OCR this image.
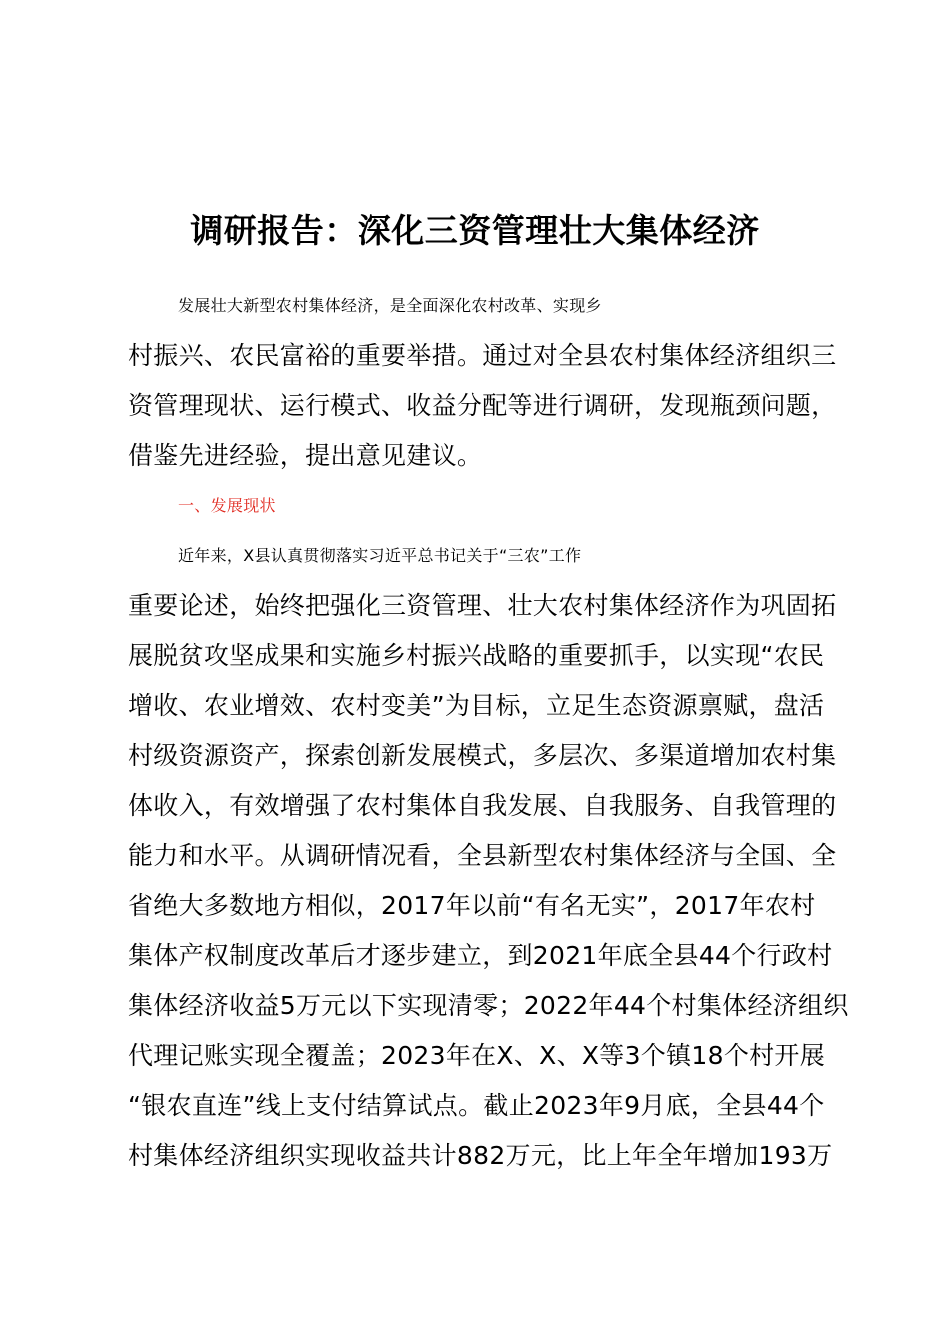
调研报告：深化三资管理壮大集体经济

发展壮大新型农村集体经济，是全面深化农村改革、实现乡

村振兴、农民富裕的重要举措。通过对全县农村集体经济组织三

资管理现状、运行模式、收益分配等进行调研，发现瓶颈问题，

借鉴先进经验，提出意见建议。

一、发展现状

近年来，X县认真贯彻落实习近平总书记关于“三农”工作

重要论述，始终把强化三资管理、壮大农村集体经济作为巩固拓

展脱贫攻坚成果和实施乡村振兴战略的重要抓手，以实现“农民

增收、农业增效、农村变美”为目标，立足生态资源禀赋，盘活

村级资源资产，探索创新发展模式，多层次、多渠道增加农村集

体收入，有效增强了农村集体自我发展、自我服务、自我管理的

能力和水平。从调研情况看，全县新型农村集体经济与全国、全

省绝大多数地方相似，2017年以前“有名无实”，2017年农村

集体产权制度改革后才逐步建立，到2021年底全县44个行政村

集体经济收益5万元以下实现清零；2022年44个村集体经济组织

代理记账实现全覆盖；2023年在X、X、X等3个镇18个村开展

“银农直连”线上支付结算试点。截止2023年9月底，全县44个

村集体经济组织实现收益共计882万元，比上年全年增加193万
